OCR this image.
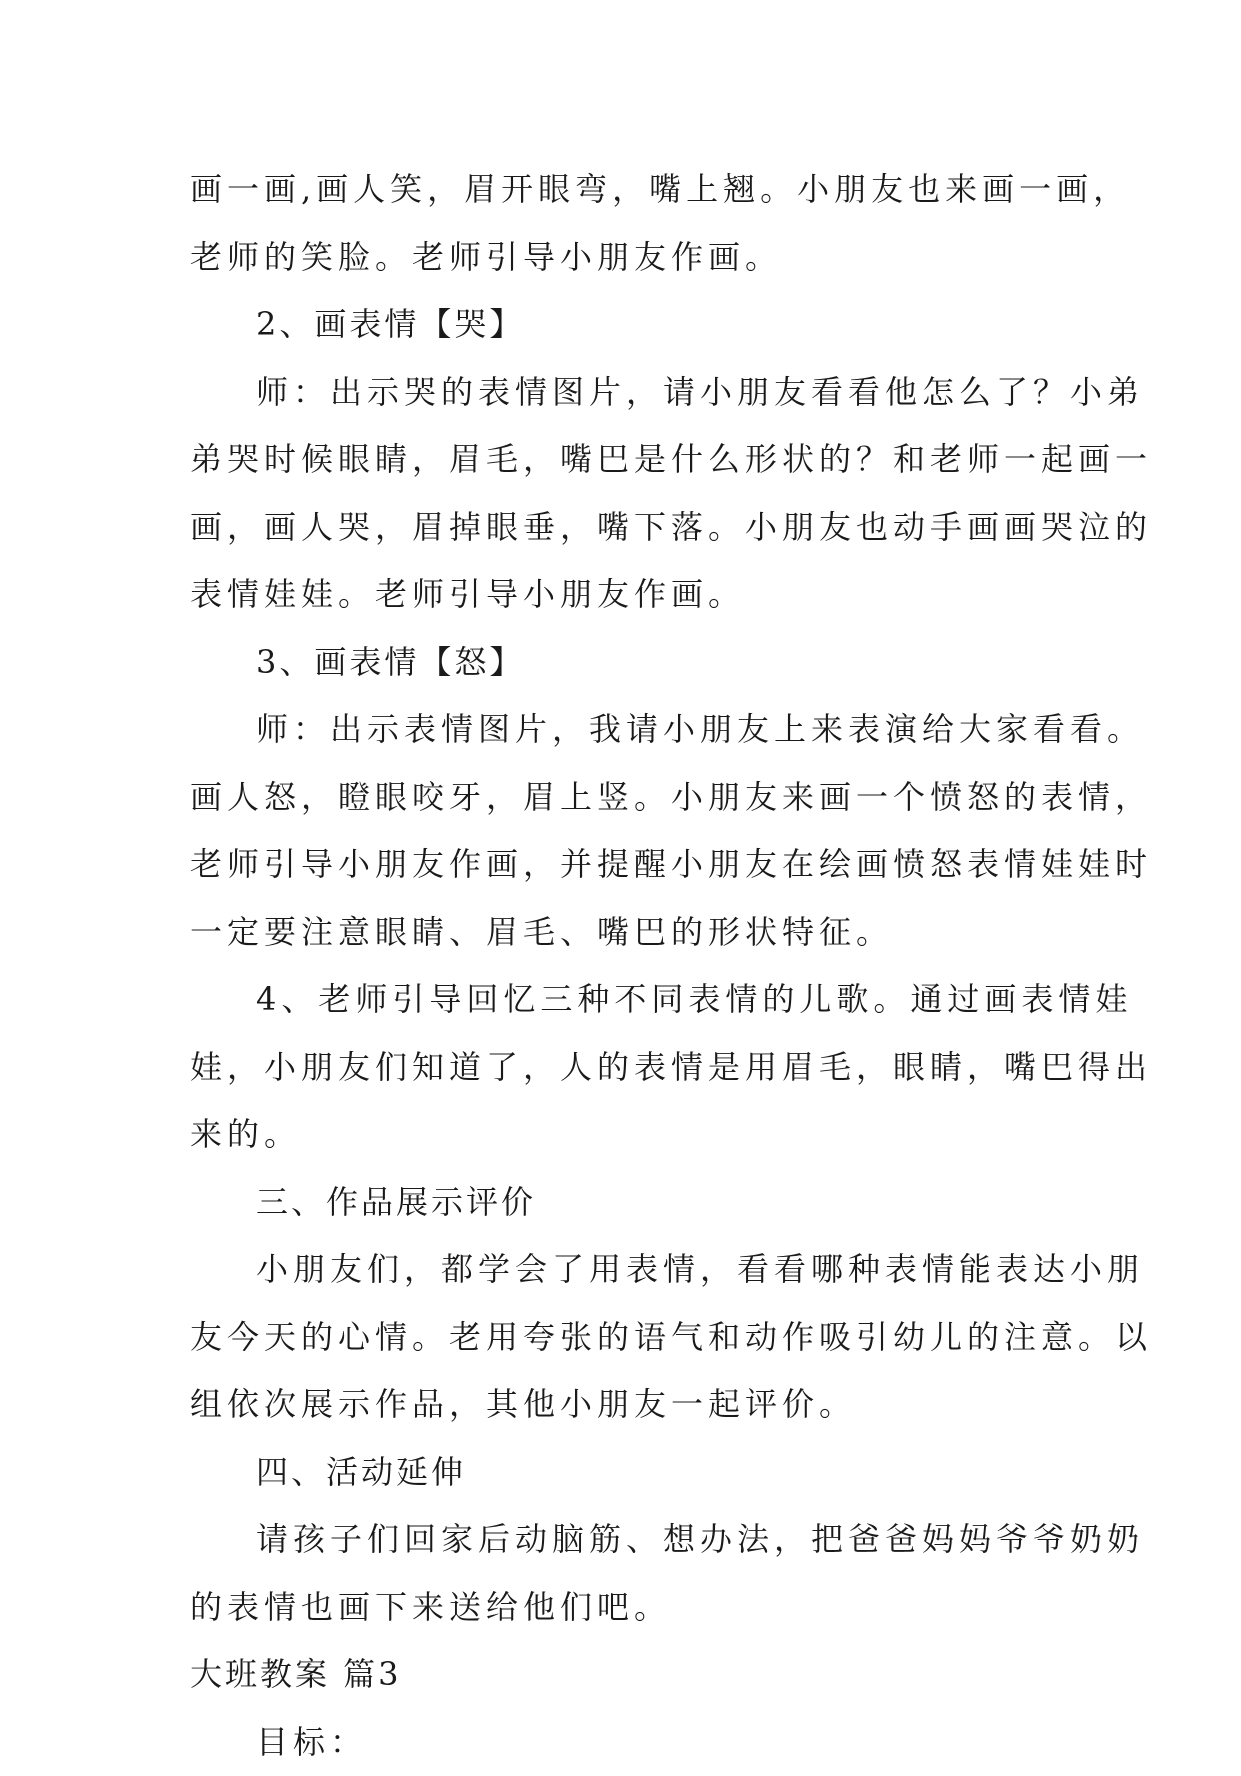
画一画,画人笑，眉开眼弯，嘴上翘。小朋友也来画一画，
老师的笑脸。老师引导小朋友作画。
2、画表情【哭】
师：出示哭的表情图片，请小朋友看看他怎么了？小弟
弟哭时候眼睛，眉毛，嘴巴是什么形状的？和老师一起画一
画，画人哭，眉掉眼垂，嘴下落。小朋友也动手画画哭泣的
表情娃娃。老师引导小朋友作画。
3、画表情【怒】
师：出示表情图片，我请小朋友上来表演给大家看看。
画人怒，瞪眼咬牙，眉上竖。小朋友来画一个愤怒的表情，
老师引导小朋友作画，并提醒小朋友在绘画愤怒表情娃娃时
一定要注意眼睛、眉毛、嘴巴的形状特征。
4、老师引导回忆三种不同表情的儿歌。通过画表情娃
娃，小朋友们知道了，人的表情是用眉毛，眼睛，嘴巴得出
来的。
三、作品展示评价
小朋友们，都学会了用表情，看看哪种表情能表达小朋
友今天的心情。老用夸张的语气和动作吸引幼儿的注意。以
组依次展示作品，其他小朋友一起评价。
四、活动延伸
请孩子们回家后动脑筋、想办法，把爸爸妈妈爷爷奶奶
的表情也画下来送给他们吧。
大班教案 篇3
目标：
